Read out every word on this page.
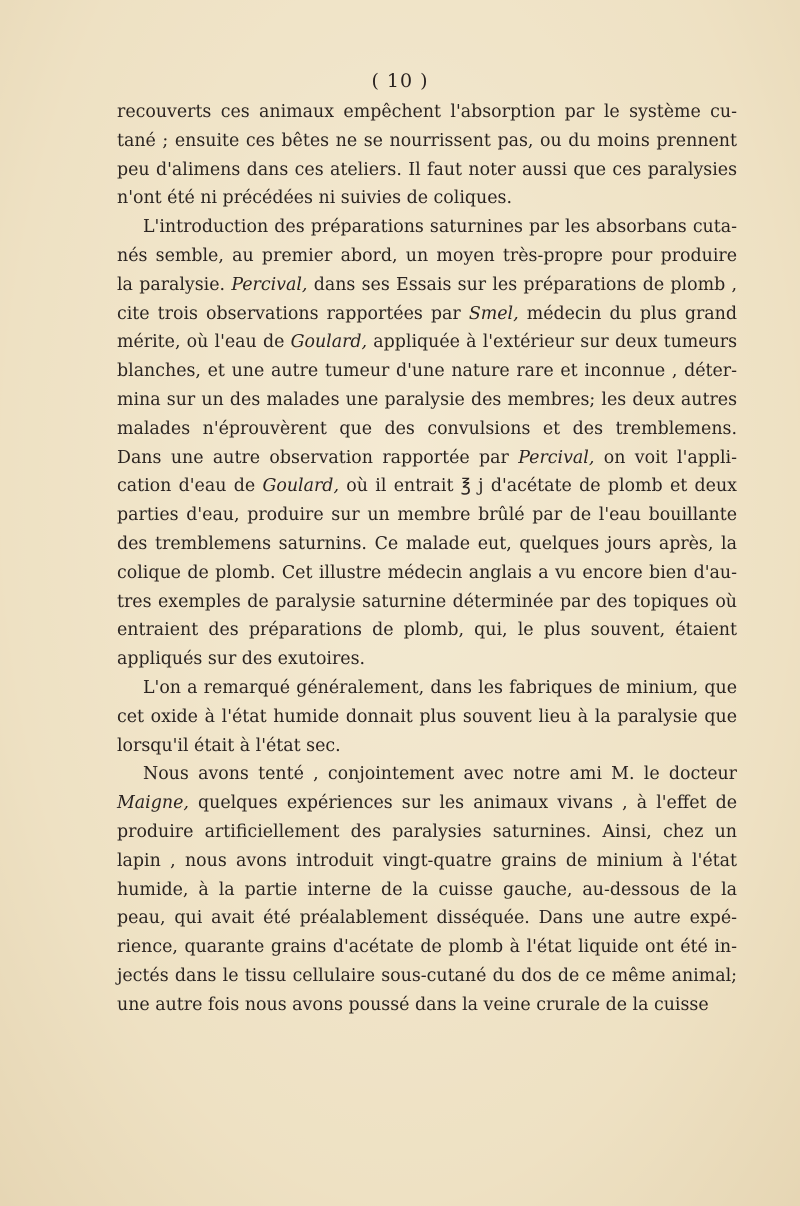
( 10 )
recouverts ces animaux empêchent l'absorption par le système cu-
tané ; ensuite ces bêtes ne se nourrissent pas, ou du moins prennent
peu d'alimens dans ces ateliers. Il faut noter aussi que ces paralysies
n'ont été ni précédées ni suivies de coliques.
L'introduction des préparations saturnines par les absorbans cuta-
nés semble, au premier abord, un moyen très-propre pour produire
la paralysie. Percival, dans ses Essais sur les préparations de plomb ,
cite trois observations rapportées par Smel, médecin du plus grand
mérite, où l'eau de Goulard, appliquée à l'extérieur sur deux tumeurs
blanches, et une autre tumeur d'une nature rare et inconnue , déter-
mina sur un des malades une paralysie des membres; les deux autres
malades n'éprouvèrent que des convulsions et des tremblemens.
Dans une autre observation rapportée par Percival, on voit l'appli-
cation d'eau de Goulard, où il entrait ℥ j d'acétate de plomb et deux
parties d'eau, produire sur un membre brûlé par de l'eau bouillante
des tremblemens saturnins. Ce malade eut, quelques jours après, la
colique de plomb. Cet illustre médecin anglais a vu encore bien d'au-
tres exemples de paralysie saturnine déterminée par des topiques où
entraient des préparations de plomb, qui, le plus souvent, étaient
appliqués sur des exutoires.
L'on a remarqué généralement, dans les fabriques de minium, que
cet oxide à l'état humide donnait plus souvent lieu à la paralysie que
lorsqu'il était à l'état sec.
Nous avons tenté , conjointement avec notre ami M. le docteur
Maigne, quelques expériences sur les animaux vivans , à l'effet de
produire artificiellement des paralysies saturnines. Ainsi, chez un
lapin , nous avons introduit vingt-quatre grains de minium à l'état
humide, à la partie interne de la cuisse gauche, au-dessous de la
peau, qui avait été préalablement disséquée. Dans une autre expé-
rience, quarante grains d'acétate de plomb à l'état liquide ont été in-
jectés dans le tissu cellulaire sous-cutané du dos de ce même animal;
une autre fois nous avons poussé dans la veine crurale de la cuisse
